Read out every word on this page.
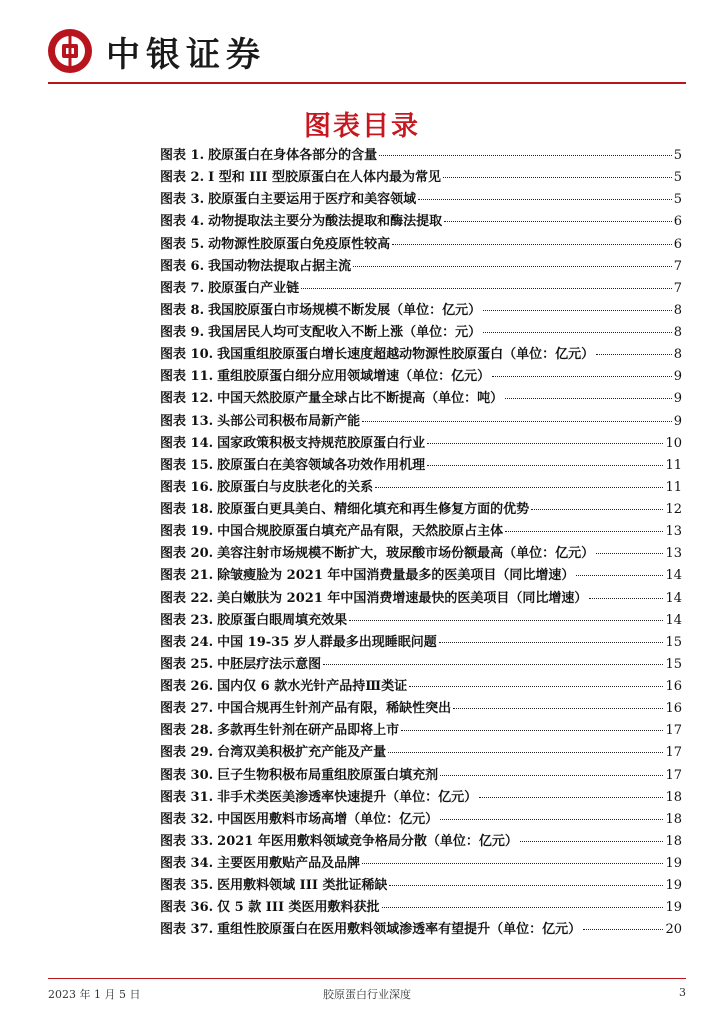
中银证券
图表目录
图表 1. 胶原蛋白在身体各部分的含量	5
图表 2. I 型和 III 型胶原蛋白在人体内最为常见	5
图表 3. 胶原蛋白主要运用于医疗和美容领域	5
图表 4. 动物提取法主要分为酸法提取和酶法提取	6
图表 5. 动物源性胶原蛋白免疫原性较高	6
图表 6. 我国动物法提取占据主流	7
图表 7. 胶原蛋白产业链	7
图表 8. 我国胶原蛋白市场规模不断发展（单位：亿元）	8
图表 9. 我国居民人均可支配收入不断上涨（单位：元）	8
图表 10. 我国重组胶原蛋白增长速度超越动物源性胶原蛋白（单位：亿元）	8
图表 11. 重组胶原蛋白细分应用领域增速（单位：亿元）	9
图表 12. 中国天然胶原产量全球占比不断提高（单位：吨）	9
图表 13. 头部公司积极布局新产能	9
图表 14. 国家政策积极支持规范胶原蛋白行业	10
图表 15. 胶原蛋白在美容领域各功效作用机理	11
图表 16. 胶原蛋白与皮肤老化的关系	11
图表 18. 胶原蛋白更具美白、精细化填充和再生修复方面的优势	12
图表 19. 中国合规胶原蛋白填充产品有限，天然胶原占主体	13
图表 20. 美容注射市场规模不断扩大，玻尿酸市场份额最高（单位：亿元）	13
图表 21. 除皱瘦脸为 2021 年中国消费量最多的医美项目（同比增速）	14
图表 22. 美白嫩肤为 2021 年中国消费增速最快的医美项目（同比增速）	14
图表 23. 胶原蛋白眼周填充效果	14
图表 24. 中国 19-35 岁人群最多出现睡眠问题	15
图表 25. 中胚层疗法示意图	15
图表 26. 国内仅 6 款水光针产品持Ⅲ类证	16
图表 27. 中国合规再生针剂产品有限，稀缺性突出	16
图表 28. 多款再生针剂在研产品即将上市	17
图表 29. 台湾双美积极扩充产能及产量	17
图表 30. 巨子生物积极布局重组胶原蛋白填充剂	17
图表 31. 非手术类医美渗透率快速提升（单位：亿元）	18
图表 32. 中国医用敷料市场高增（单位：亿元）	18
图表 33. 2021 年医用敷料领域竞争格局分散（单位：亿元）	18
图表 34. 主要医用敷贴产品及品牌	19
图表 35. 医用敷料领域 III 类批证稀缺	19
图表 36. 仅 5 款 III 类医用敷料获批	19
图表 37. 重组性胶原蛋白在医用敷料领域渗透率有望提升（单位：亿元）	20
2023 年 1 月 5 日	胶原蛋白行业深度	3
